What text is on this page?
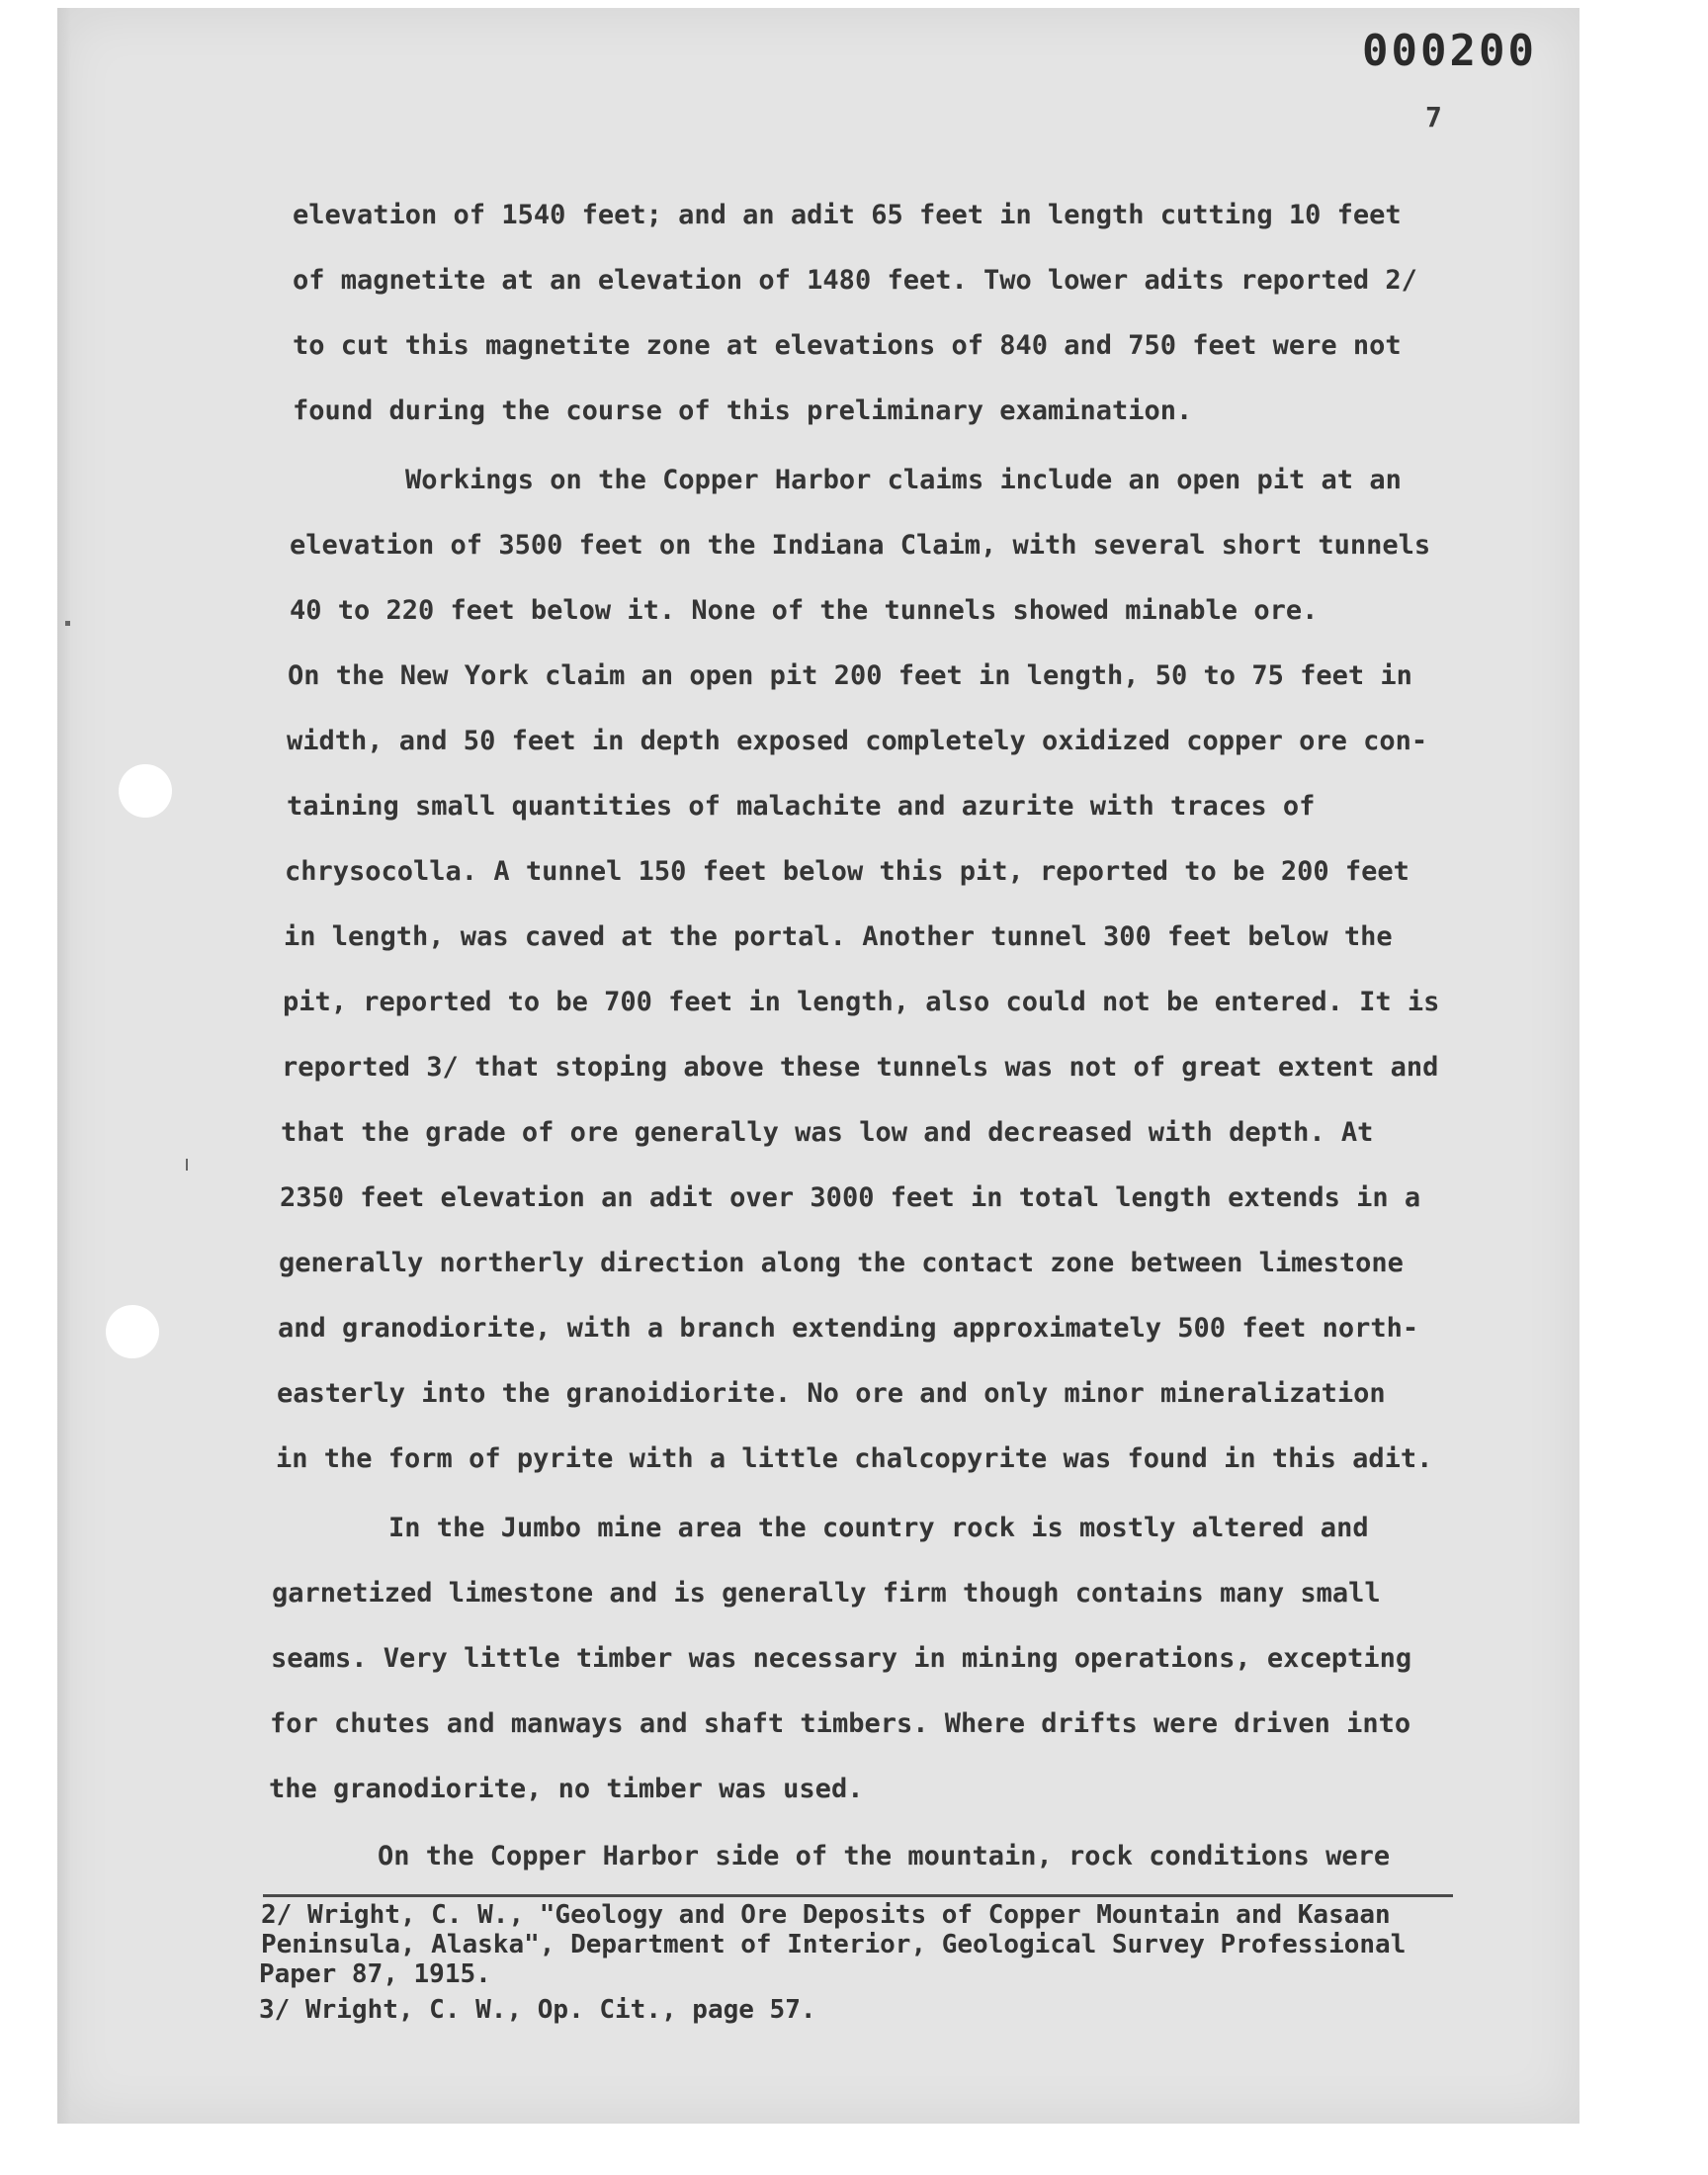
000200
7
elevation of 1540 feet; and an adit 65 feet in length cutting 10 feet
of magnetite at an elevation of 1480 feet. Two lower adits reported 2/
to cut this magnetite zone at elevations of 840 and 750 feet were not
found during the course of this preliminary examination.
Workings on the Copper Harbor claims include an open pit at an
elevation of 3500 feet on the Indiana Claim, with several short tunnels
40 to 220 feet below it. None of the tunnels showed minable ore.
On the New York claim an open pit 200 feet in length, 50 to 75 feet in
width, and 50 feet in depth exposed completely oxidized copper ore con-
taining small quantities of malachite and azurite with traces of
chrysocolla. A tunnel 150 feet below this pit, reported to be 200 feet
in length, was caved at the portal. Another tunnel 300 feet below the
pit, reported to be 700 feet in length, also could not be entered. It is
reported 3/ that stoping above these tunnels was not of great extent and
that the grade of ore generally was low and decreased with depth. At
2350 feet elevation an adit over 3000 feet in total length extends in a
generally northerly direction along the contact zone between limestone
and granodiorite, with a branch extending approximately 500 feet north-
easterly into the granoidiorite. No ore and only minor mineralization
in the form of pyrite with a little chalcopyrite was found in this adit.
In the Jumbo mine area the country rock is mostly altered and
garnetized limestone and is generally firm though contains many small
seams. Very little timber was necessary in mining operations, excepting
for chutes and manways and shaft timbers. Where drifts were driven into
the granodiorite, no timber was used.
On the Copper Harbor side of the mountain, rock conditions were
2/ Wright, C. W., "Geology and Ore Deposits of Copper Mountain and Kasaan
Peninsula, Alaska", Department of Interior, Geological Survey Professional
Paper 87, 1915.
3/ Wright, C. W., Op. Cit., page 57.
